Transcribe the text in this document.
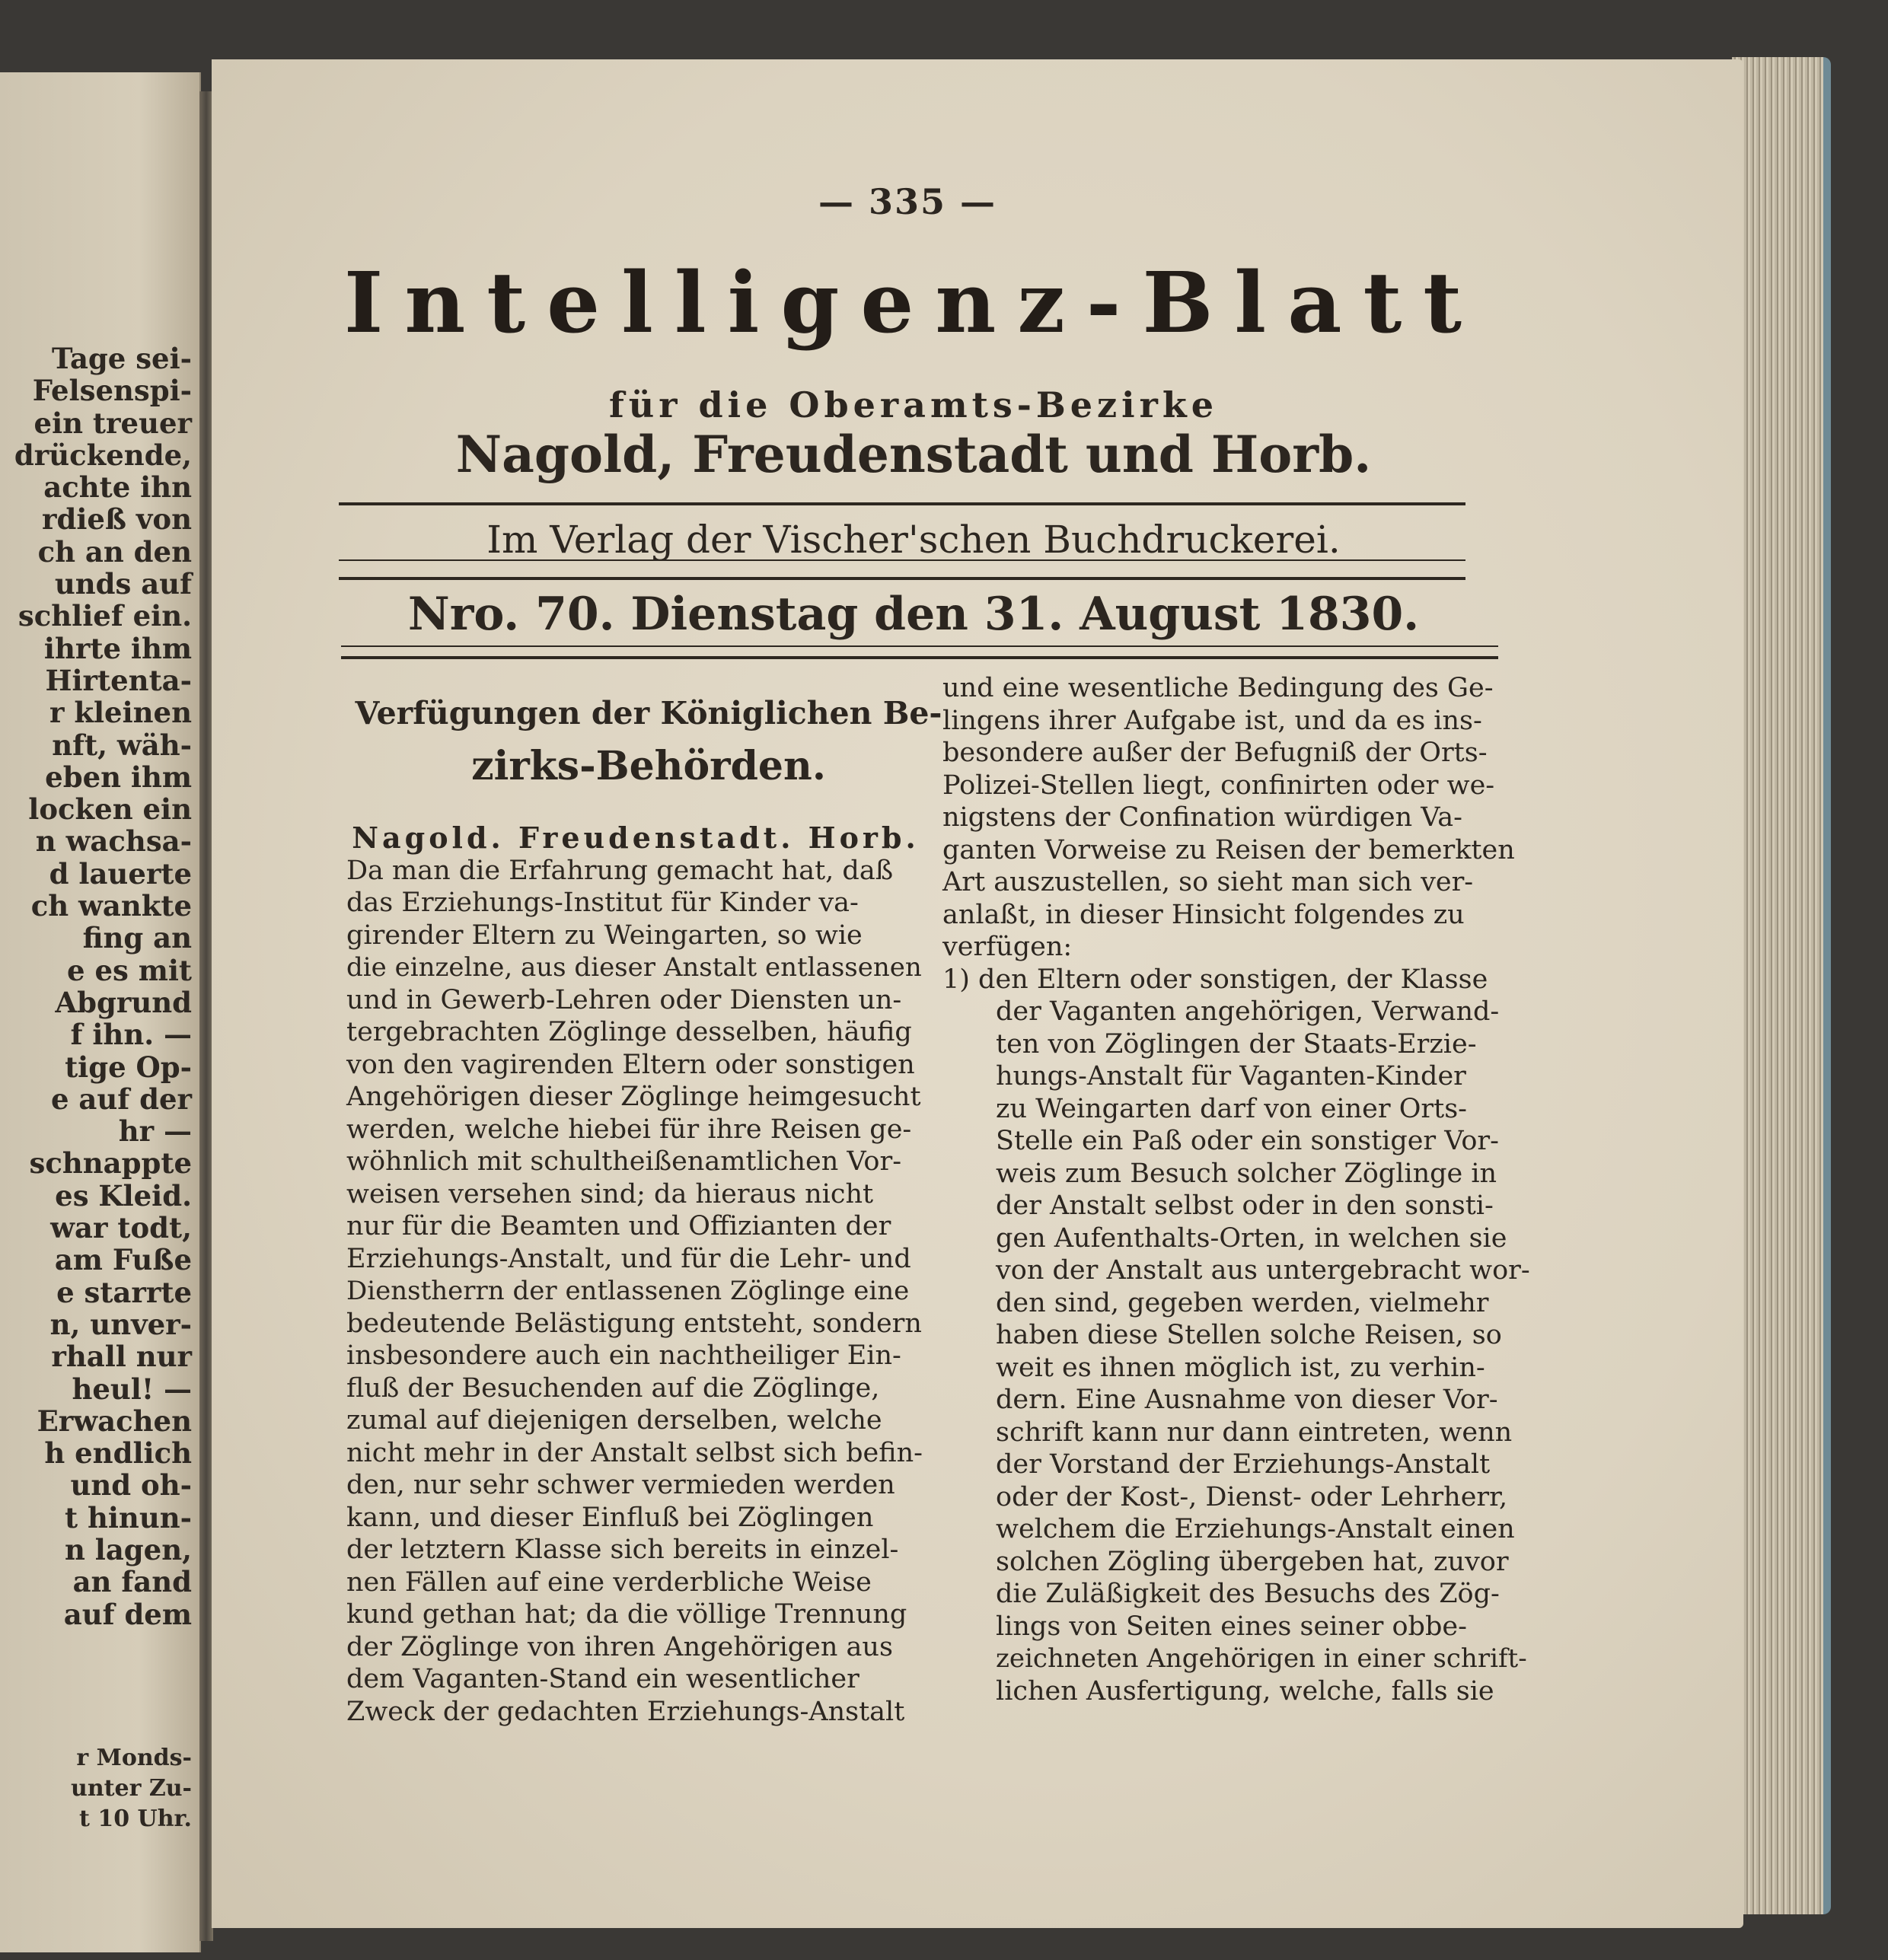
Tage sei-
Felsenspi-
ein treuer
drückende,
achte ihn
rdieß von
ch an den
unds auf
schlief ein.
ihrte ihm
Hirtenta-
r kleinen
nft, wäh-
eben ihm
locken ein
n wachsa-
d lauerte
ch wankte
fing an
e es mit
Abgrund
f ihn. —
tige Op-
e auf der
hr —
schnappte
es Kleid.
war todt,
am Fuße
e starrte
n, unver-
rhall nur
heul! —
Erwachen
h endlich
und oh-
t hinun-
n lagen,
an fand
auf dem
r Monds-
unter Zu-
t 10 Uhr.
— 335 —
Intelligenz-Blatt
für die Oberamts-Bezirke
Nagold, Freudenstadt und Horb.
Im Verlag der Vischer'schen Buchdruckerei.
Nro. 70. Dienstag den 31. August 1830.
Verfügungen der Königlichen Be-
zirks-Behörden.
Nagold. Freudenstadt. Horb.
Da man die Erfahrung gemacht hat, daß
das Erziehungs-Institut für Kinder va-
girender Eltern zu Weingarten, so wie
die einzelne, aus dieser Anstalt entlassenen
und in Gewerb-Lehren oder Diensten un-
tergebrachten Zöglinge desselben, häufig
von den vagirenden Eltern oder sonstigen
Angehörigen dieser Zöglinge heimgesucht
werden, welche hiebei für ihre Reisen ge-
wöhnlich mit schultheißenamtlichen Vor-
weisen versehen sind; da hieraus nicht
nur für die Beamten und Offizianten der
Erziehungs-Anstalt, und für die Lehr- und
Dienstherrn der entlassenen Zöglinge eine
bedeutende Belästigung entsteht, sondern
insbesondere auch ein nachtheiliger Ein-
fluß der Besuchenden auf die Zöglinge,
zumal auf diejenigen derselben, welche
nicht mehr in der Anstalt selbst sich befin-
den, nur sehr schwer vermieden werden
kann, und dieser Einfluß bei Zöglingen
der letztern Klasse sich bereits in einzel-
nen Fällen auf eine verderbliche Weise
kund gethan hat; da die völlige Trennung
der Zöglinge von ihren Angehörigen aus
dem Vaganten-Stand ein wesentlicher
Zweck der gedachten Erziehungs-Anstalt
und eine wesentliche Bedingung des Ge-
lingens ihrer Aufgabe ist, und da es ins-
besondere außer der Befugniß der Orts-
Polizei-Stellen liegt, confinirten oder we-
nigstens der Confination würdigen Va-
ganten Vorweise zu Reisen der bemerkten
Art auszustellen, so sieht man sich ver-
anlaßt, in dieser Hinsicht folgendes zu
verfügen:
1) den Eltern oder sonstigen, der Klasse
der Vaganten angehörigen, Verwand-
ten von Zöglingen der Staats-Erzie-
hungs-Anstalt für Vaganten-Kinder
zu Weingarten darf von einer Orts-
Stelle ein Paß oder ein sonstiger Vor-
weis zum Besuch solcher Zöglinge in
der Anstalt selbst oder in den sonsti-
gen Aufenthalts-Orten, in welchen sie
von der Anstalt aus untergebracht wor-
den sind, gegeben werden, vielmehr
haben diese Stellen solche Reisen, so
weit es ihnen möglich ist, zu verhin-
dern. Eine Ausnahme von dieser Vor-
schrift kann nur dann eintreten, wenn
der Vorstand der Erziehungs-Anstalt
oder der Kost-, Dienst- oder Lehrherr,
welchem die Erziehungs-Anstalt einen
solchen Zögling übergeben hat, zuvor
die Zuläßigkeit des Besuchs des Zög-
lings von Seiten eines seiner obbe-
zeichneten Angehörigen in einer schrift-
lichen Ausfertigung, welche, falls sie
